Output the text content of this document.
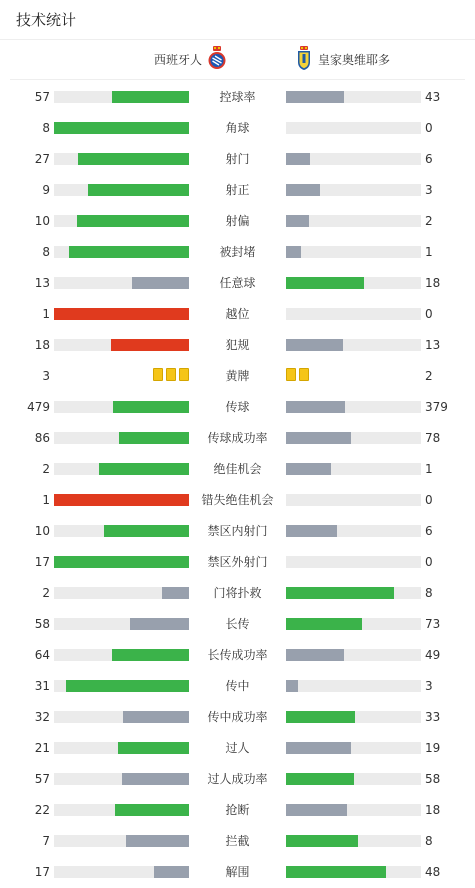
技术统计
西班牙人	皇家奥维耶多
57	控球率	43
8	角球	0
27	射门	6
9	射正	3
10	射偏	2
8	被封堵	1
13	任意球	18
1	越位	0
18	犯规	13
3	黄牌	2
479	传球	379
86	传球成功率	78
2	绝佳机会	1
1	错失绝佳机会	0
10	禁区内射门	6
17	禁区外射门	0
2	门将扑救	8
58	长传	73
64	长传成功率	49
31	传中	3
32	传中成功率	33
21	过人	19
57	过人成功率	58
22	抢断	18
7	拦截	8
17	解围	48
